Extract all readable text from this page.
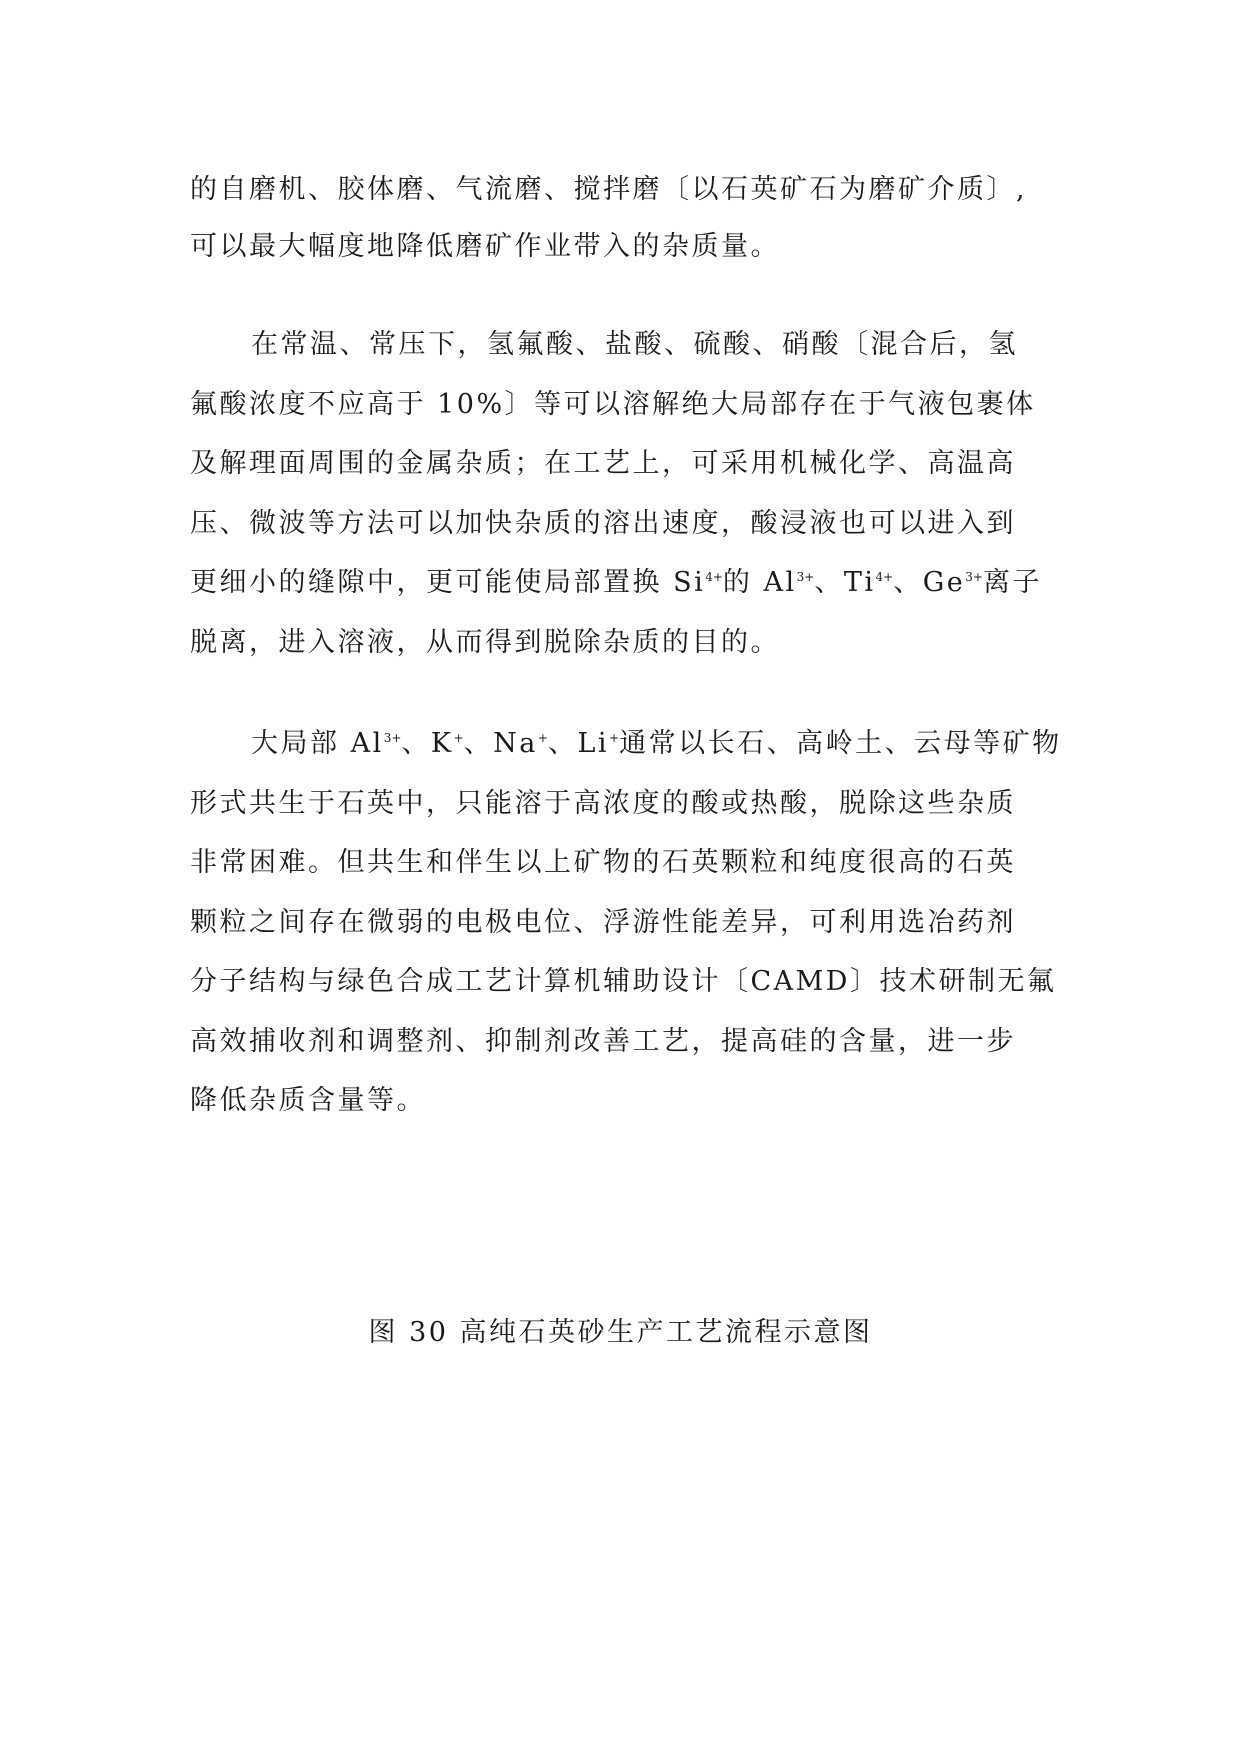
的自磨机、胶体磨、气流磨、搅拌磨〔以石英矿石为磨矿介质〕,
可以最大幅度地降低磨矿作业带入的杂质量。
在常温、常压下，氢氟酸、盐酸、硫酸、硝酸〔混合后，氢
氟酸浓度不应高于 10%〕等可以溶解绝大局部存在于气液包裹体
及解理面周围的金属杂质；在工艺上，可采用机械化学、高温高
压、微波等方法可以加快杂质的溶出速度，酸浸液也可以进入到
更细小的缝隙中，更可能使局部置换 $Si^{4+}$的 $Al^{3+}$、$Ti^{4+}$、$Ge^{3+}$离子
脱离，进入溶液，从而得到脱除杂质的目的。
大局部 $Al^{3+}$、K+、Na+、Li+通常以长石、高岭土、云母等矿物
形式共生于石英中，只能溶于高浓度的酸或热酸，脱除这些杂质
非常困难。但共生和伴生以上矿物的石英颗粒和纯度很高的石英
颗粒之间存在微弱的电极电位、浮游性能差异，可利用选冶药剂
分子结构与绿色合成工艺计算机辅助设计〔CAMD〕技术研制无氟
高效捕收剂和调整剂、抑制剂改善工艺，提高硅的含量，进一步
降低杂质含量等。
图 30 高纯石英砂生产工艺流程示意图
